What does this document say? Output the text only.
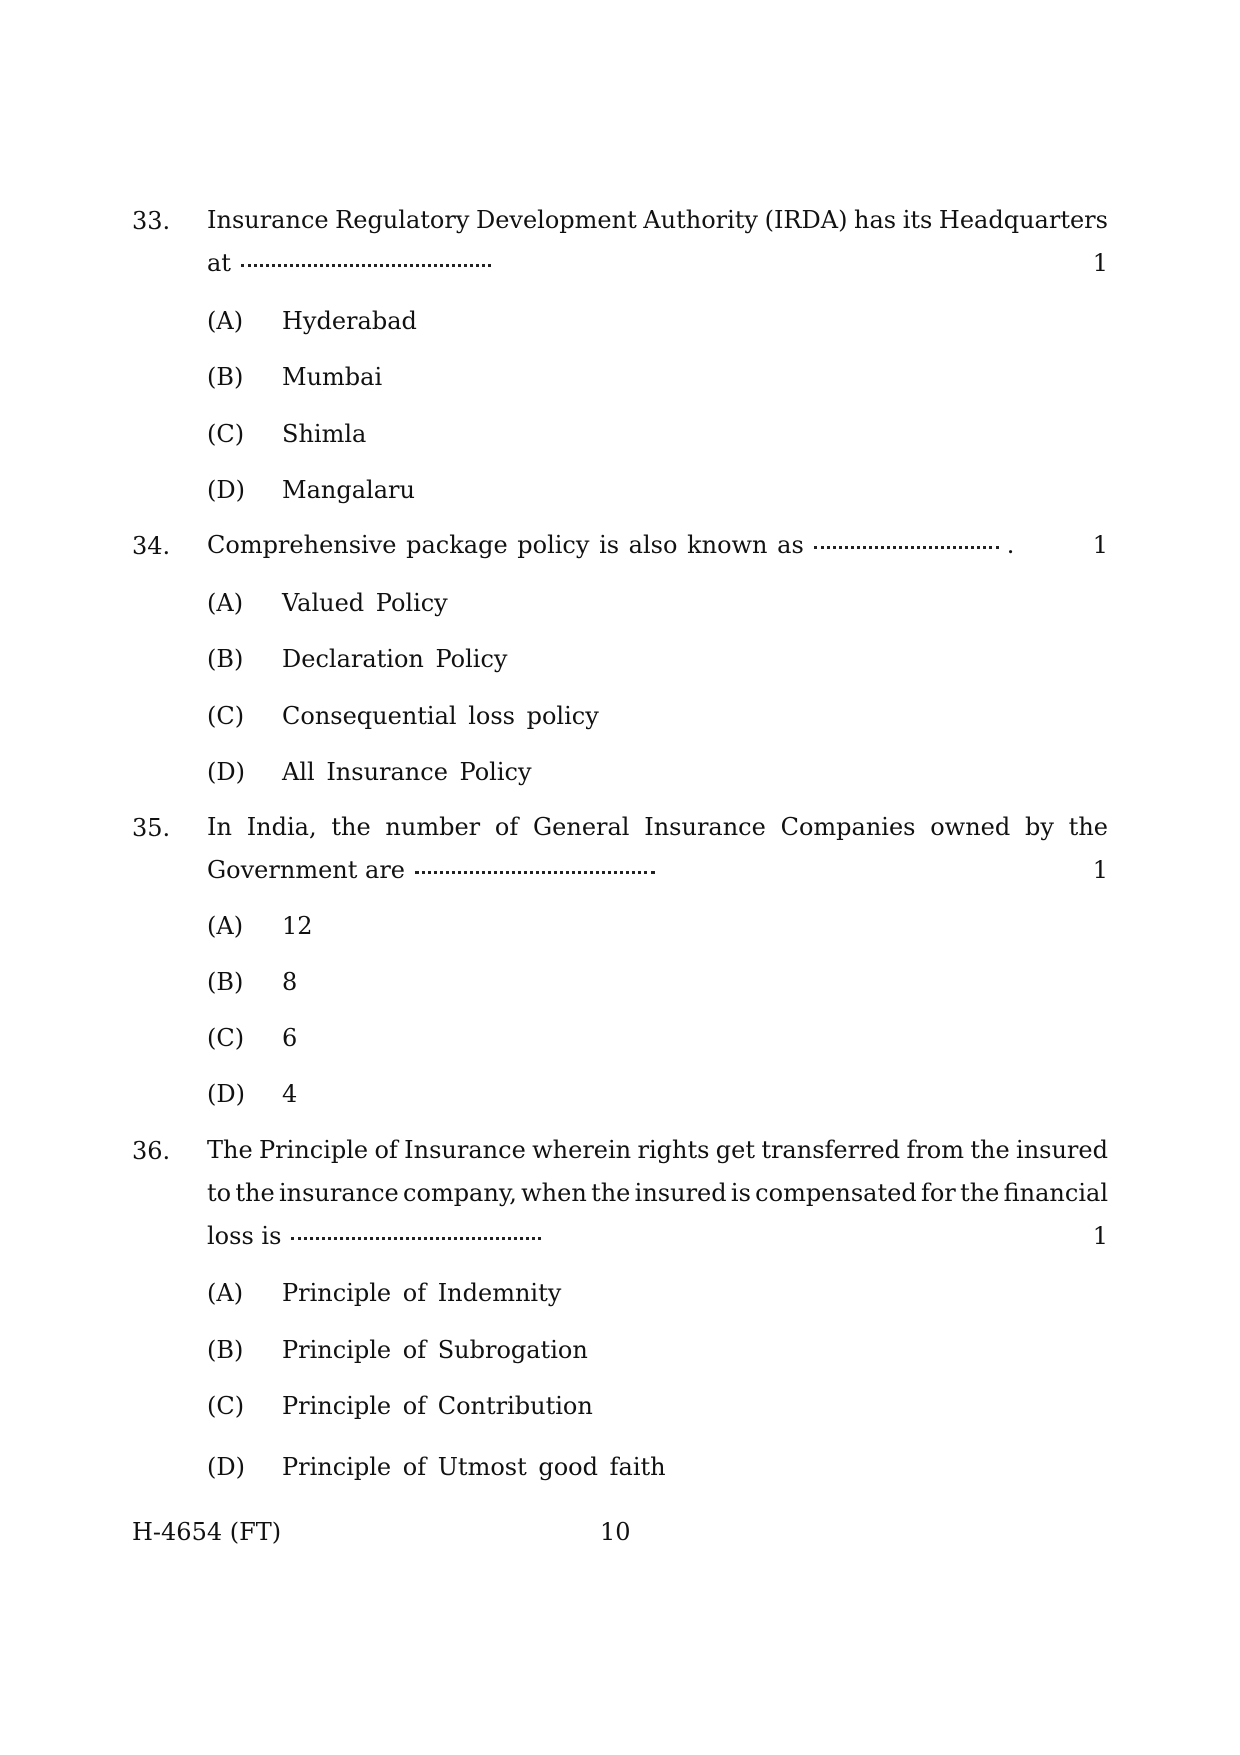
33. Insurance Regulatory Development Authority (IRDA) has its Headquarters
at	1
(A) Hyderabad
(B) Mumbai
(C) Shimla
(D) Mangalaru
34. Comprehensive package policy is also known as	.	1
(A) Valued Policy
(B) Declaration Policy
(C) Consequential loss policy
(D) All Insurance Policy
35. In India, the number of General Insurance Companies owned by the
Government are	1
(A) 12
(B) 8
(C) 6
(D) 4
36. The Principle of Insurance wherein rights get transferred from the insured
to the insurance company, when the insured is compensated for the financial
loss is	1
(A) Principle of Indemnity
(B) Principle of Subrogation
(C) Principle of Contribution
(D) Principle of Utmost good faith
H-4654 (FT)	10
